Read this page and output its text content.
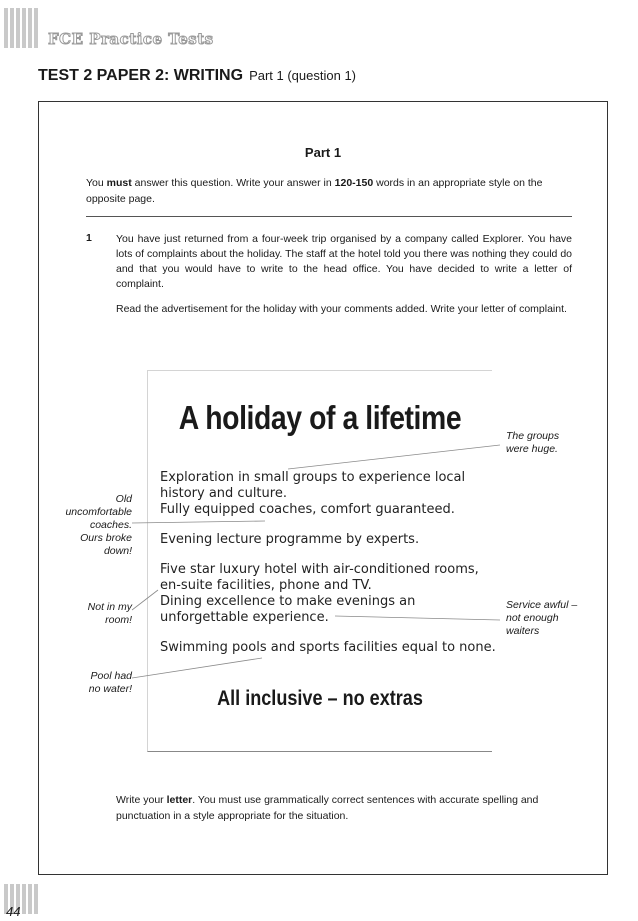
FCE Practice Tests
TEST 2 PAPER 2: WRITING Part 1 (question 1)
Part 1
You must answer this question. Write your answer in 120-150 words in an appropriate style on the opposite page.
1 You have just returned from a four-week trip organised by a company called Explorer. You have lots of complaints about the holiday. The staff at the hotel told you there was nothing they could do and that you would have to write to the head office. You have decided to write a letter of complaint.

Read the advertisement for the holiday with your comments added. Write your letter of complaint.

A holiday of a lifetime
Exploration in small groups to experience local
history and culture.
Fully equipped coaches, comfort guaranteed.
Evening lecture programme by experts.
Five star luxury hotel with air-conditioned rooms,
en-suite facilities, phone and TV.
Dining excellence to make evenings an
unforgettable experience.
Swimming pools and sports facilities equal to none.
All inclusive – no extras
Write your letter. You must use grammatically correct sentences with accurate spelling and punctuation in a style appropriate for the situation.
The groups
were huge.
Old
uncomfortable
coaches.
Ours broke
down!
Not in my
room!
Service awful –
not enough
waiters
Pool had
no water!
44
